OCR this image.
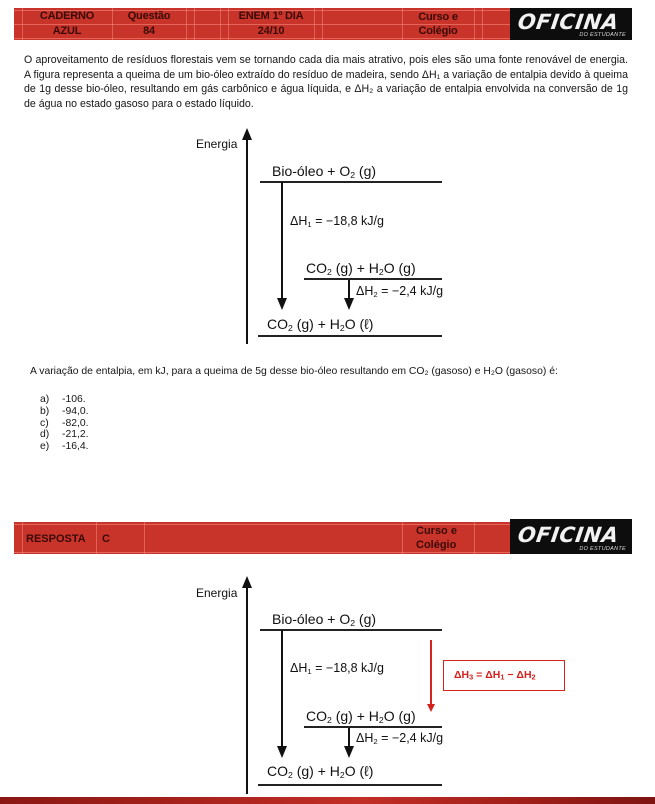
CADERNO
AZUL
Questão
84
ENEM 1º DIA
24/10
Curso e
Colégio	OFICINA
DO ESTUDANTE

O aproveitamento de resíduos florestais vem se tornando cada dia mais atrativo, pois eles são uma fonte renovável de energia. A figura representa a queima de um bio-óleo extraído do resíduo de madeira, sendo ΔH₁ a variação de entalpia devido à queima de 1g desse bio-óleo, resultando em gás carbônico e água líquida, e ΔH₂ a variação de entalpia envolvida na conversão de 1g de água no estado gasoso para o estado líquido.

Energia
Bio-óleo + $O_2$ (g)
$\Delta H_1 = -18,8$ kJ/g
$CO_2$ $(g) + H_2O$ (g)
$\Delta H_2 = -2,4$ kJ/g
$CO_2$ $(g) + H_2O$ (ℓ)

A variação de entalpia, em kJ, para a queima de 5g desse bio-óleo resultando em CO₂ (gasoso) e H₂O (gasoso) é:

a) -106.
b) -94,0.
c) -82,0.
d) -21,2.
e) -16,4.
RESPOSTA C
Curso e
Colégio	OFICINA
DO ESTUDANTE
Energia
Bio-óleo + $O_2$ (g)
$\Delta H_1 = -18,8$ kJ/g
$CO_2$ $(g) + H_2O$ (g)
$\Delta H_2 = -2,4$ kJ/g
$CO_2$ $(g) + H_2O$ (ℓ)
$\Delta H_3 = \Delta H_1 - \Delta H_2$
